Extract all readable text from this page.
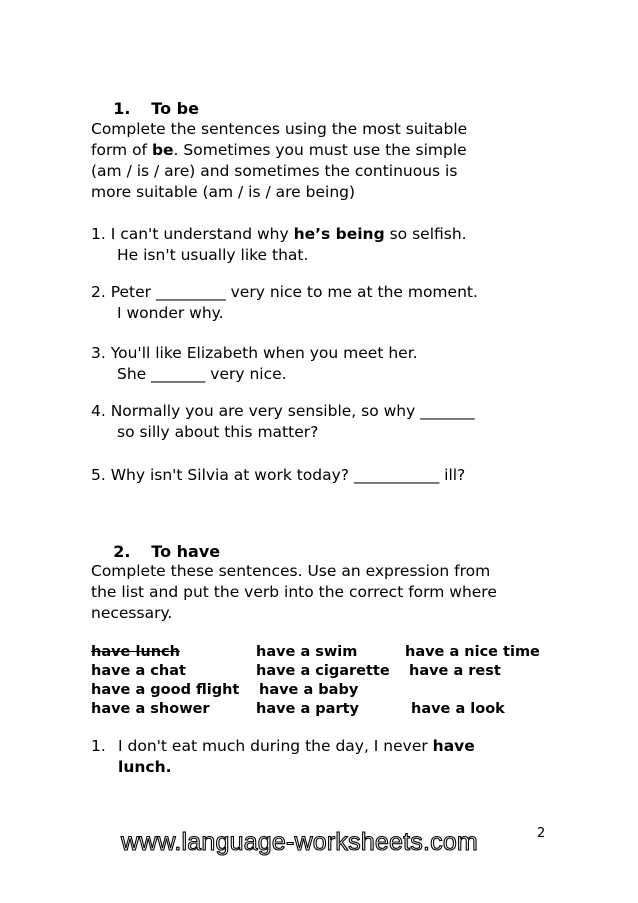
1. To be

Complete the sentences using the most suitable
form of be. Sometimes you must use the simple
(am / is / are) and sometimes the continuous is
more suitable (am / is / are being)
1. I can't understand why he’s being so selfish.
He isn't usually like that.
2. Peter _________ very nice to me at the moment.
I wonder why.
3. You'll like Elizabeth when you meet her.
She _______ very nice.
4. Normally you are very sensible, so why _______
so silly about this matter?
5. Why isn't Silvia at work today? ___________ ill?

2. To have

Complete these sentences. Use an expression from
the list and put the verb into the correct form where
necessary.
have lunch	have a swim	have a nice time
have a chat	have a cigarette have a rest
have a good flight have a baby
have a shower	have a party	have a look
1. I don't eat much during the day, I never have
lunch.
2
www.language-worksheets.com
